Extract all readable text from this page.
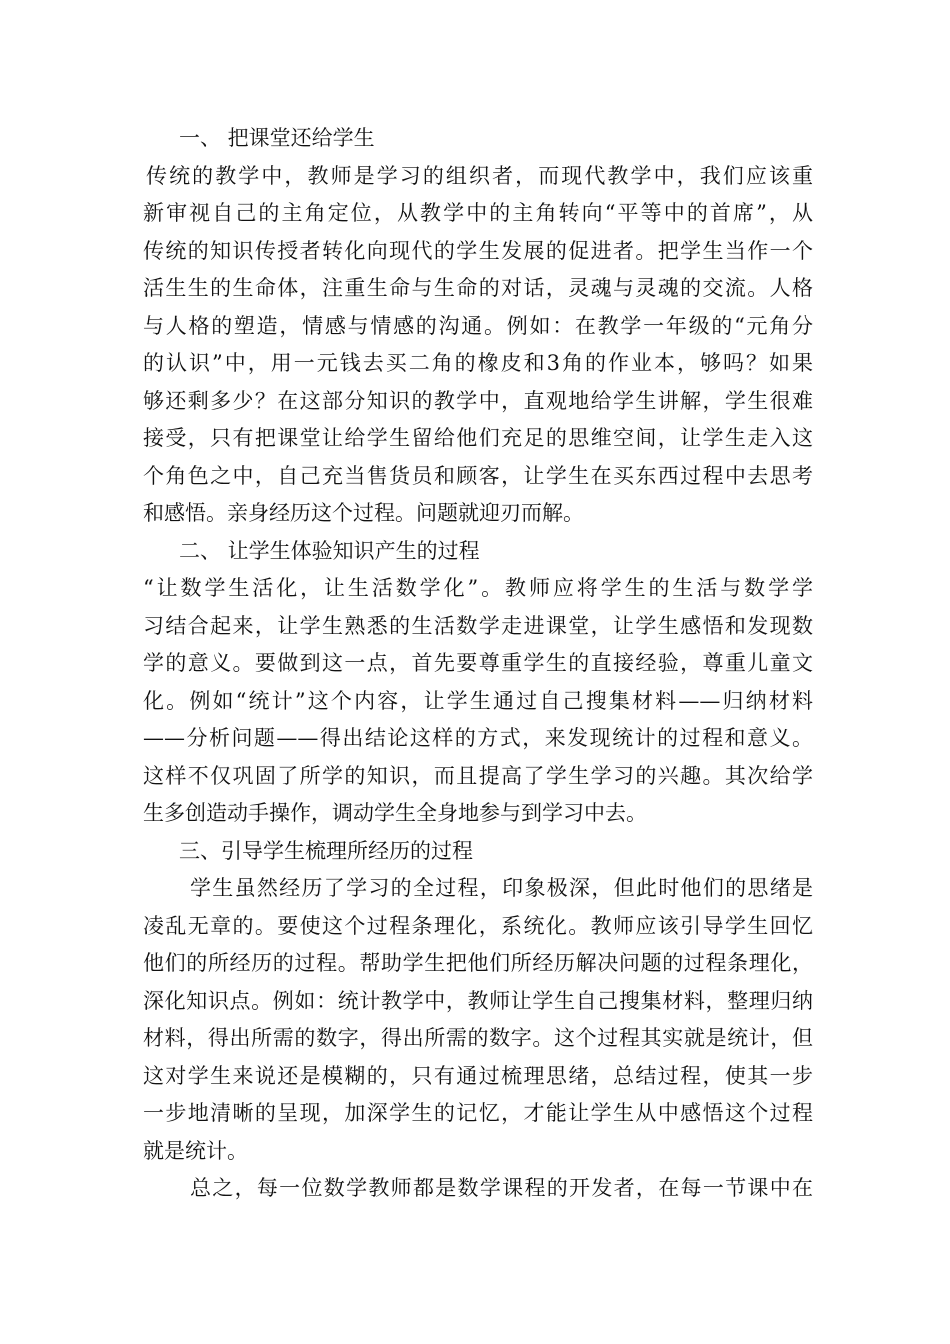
一、 把课堂还给学生
传统的教学中，教师是学习的组织者，而现代教学中，我们应该重
新审视自己的主角定位，从教学中的主角转向“平等中的首席”，从
传统的知识传授者转化向现代的学生发展的促进者。把学生当作一个
活生生的生命体，注重生命与生命的对话，灵魂与灵魂的交流。人格
与人格的塑造，情感与情感的沟通。例如：在教学一年级的“元角分
的认识”中，用一元钱去买二角的橡皮和3角的作业本，够吗？如果
够还剩多少？在这部分知识的教学中，直观地给学生讲解，学生很难
接受，只有把课堂让给学生留给他们充足的思维空间，让学生走入这
个角色之中，自己充当售货员和顾客，让学生在买东西过程中去思考
和感悟。亲身经历这个过程。问题就迎刃而解。
二、 让学生体验知识产生的过程
“让数学生活化，让生活数学化”。教师应将学生的生活与数学学
习结合起来，让学生熟悉的生活数学走进课堂，让学生感悟和发现数
学的意义。要做到这一点，首先要尊重学生的直接经验，尊重儿童文
化。例如“统计”这个内容，让学生通过自己搜集材料——归纳材料
——分析问题——得出结论这样的方式，来发现统计的过程和意义。
这样不仅巩固了所学的知识，而且提高了学生学习的兴趣。其次给学
生多创造动手操作，调动学生全身地参与到学习中去。
三、引导学生梳理所经历的过程
学生虽然经历了学习的全过程，印象极深，但此时他们的思绪是
凌乱无章的。要使这个过程条理化，系统化。教师应该引导学生回忆
他们的所经历的过程。帮助学生把他们所经历解决问题的过程条理化，
深化知识点。例如：统计教学中，教师让学生自己搜集材料，整理归纳
材料，得出所需的数字，得出所需的数字。这个过程其实就是统计，但
这对学生来说还是模糊的，只有通过梳理思绪，总结过程，使其一步
一步地清晰的呈现，加深学生的记忆，才能让学生从中感悟这个过程
就是统计。
总之，每一位数学教师都是数学课程的开发者，在每一节课中在
